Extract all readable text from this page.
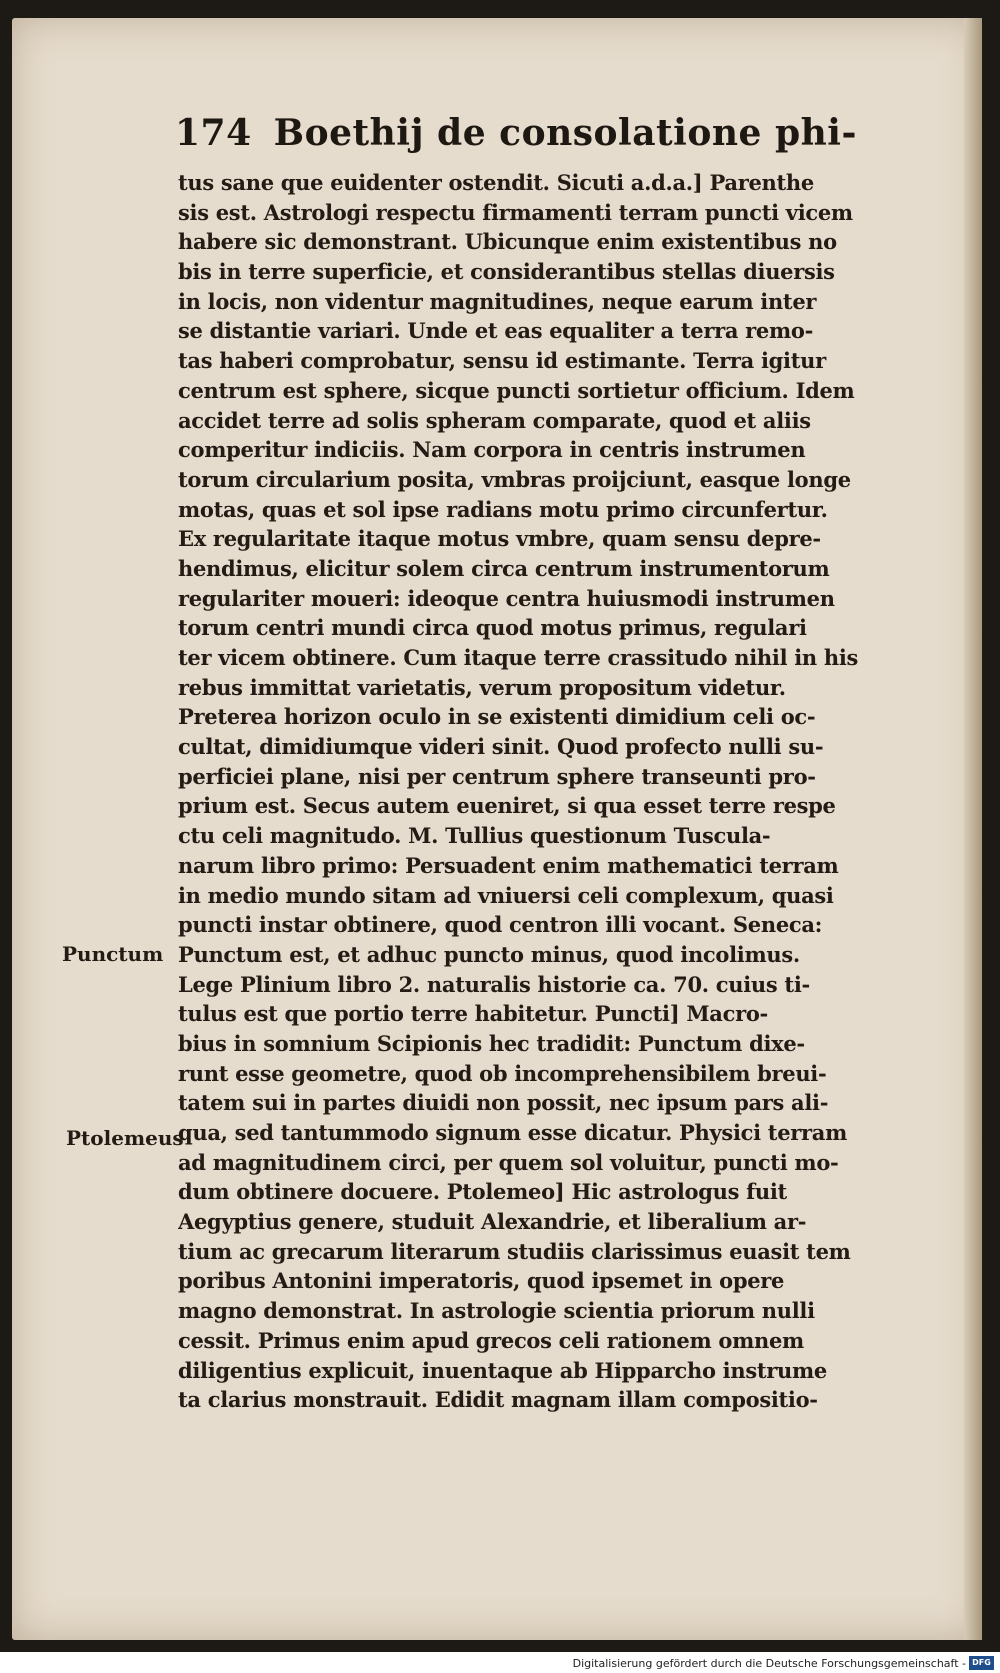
174 Boethij de consolatione phi-
tus sane que euidenter ostendit. Sicuti a.d.a.] Parenthe
sis est. Astrologi respectu firmamenti terram puncti vicem
habere sic demonstrant. Ubicunque enim existentibus no
bis in terre superficie, et considerantibus stellas diuersis
in locis, non videntur magnitudines, neque earum inter
se distantie variari. Unde et eas equaliter a terra remo-
tas haberi comprobatur, sensu id estimante. Terra igitur
centrum est sphere, sicque puncti sortietur officium. Idem
accidet terre ad solis spheram comparate, quod et aliis
comperitur indiciis. Nam corpora in centris instrumen
torum circularium posita, vmbras proijciunt, easque longe
motas, quas et sol ipse radians motu primo circunfertur.
Ex regularitate itaque motus vmbre, quam sensu depre-
hendimus, elicitur solem circa centrum instrumentorum
regulariter moueri: ideoque centra huiusmodi instrumen
torum centri mundi circa quod motus primus, regulari
ter vicem obtinere. Cum itaque terre crassitudo nihil in his
rebus immittat varietatis, verum propositum videtur.
Preterea horizon oculo in se existenti dimidium celi oc-
cultat, dimidiumque videri sinit. Quod profecto nulli su-
perficiei plane, nisi per centrum sphere transeunti pro-
prium est. Secus autem eueniret, si qua esset terre respe
ctu celi magnitudo. M. Tullius questionum Tuscula-
narum libro primo: Persuadent enim mathematici terram
in medio mundo sitam ad vniuersi celi complexum, quasi
puncti instar obtinere, quod centron illi vocant. Seneca:
Punctum est, et adhuc puncto minus, quod incolimus.
Lege Plinium libro 2. naturalis historie ca. 70. cuius ti-
tulus est que portio terre habitetur. Puncti] Macro-
bius in somnium Scipionis hec tradidit: Punctum dixe-
runt esse geometre, quod ob incomprehensibilem breui-
tatem sui in partes diuidi non possit, nec ipsum pars ali-
qua, sed tantummodo signum esse dicatur. Physici terram
ad magnitudinem circi, per quem sol voluitur, puncti mo-
dum obtinere docuere. Ptolemeo] Hic astrologus fuit
Aegyptius genere, studuit Alexandrie, et liberalium ar-
tium ac grecarum literarum studiis clarissimus euasit tem
poribus Antonini imperatoris, quod ipsemet in opere
magno demonstrat. In astrologie scientia priorum nulli
cessit. Primus enim apud grecos celi rationem omnem
diligentius explicuit, inuentaque ab Hipparcho instrume
ta clarius monstrauit. Edidit magnam illam compositio-
Punctum
Ptolemeus
Digitalisierung gefördert durch die Deutsche Forschungsgemeinschaft - DFG
